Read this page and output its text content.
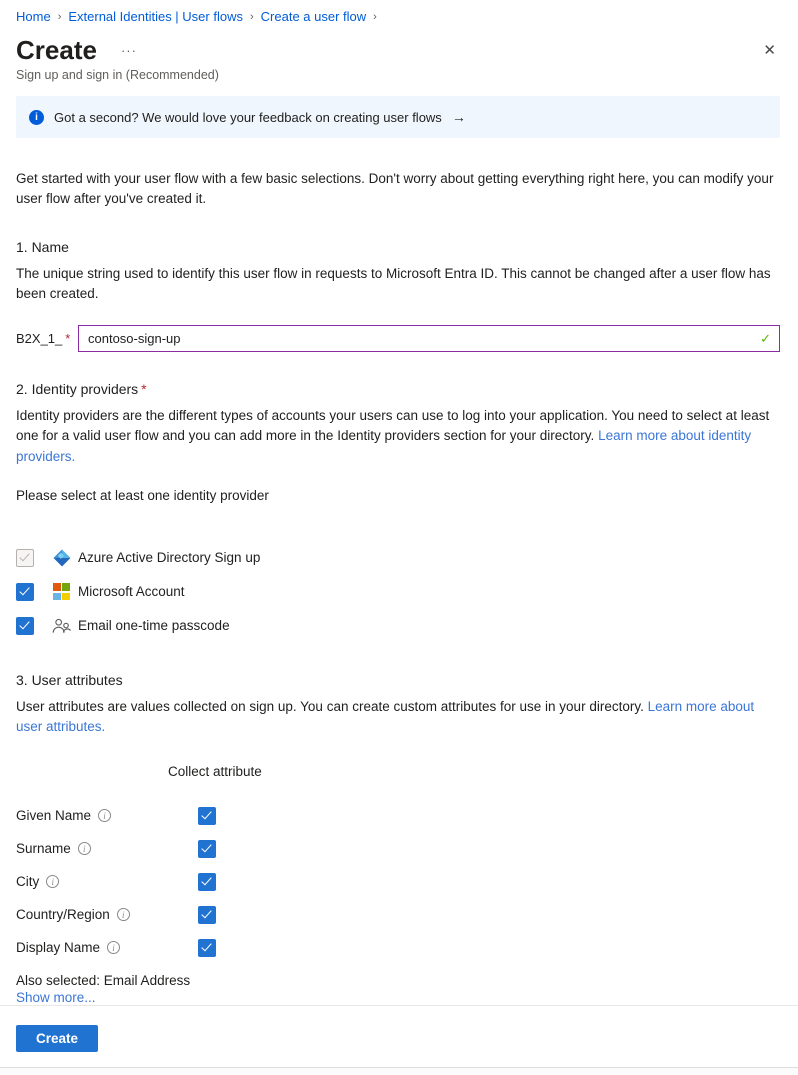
Home › External Identities | User flows › Create a user flow ›
Create ···	✕
Sign up and sign in (Recommended)
i	Got a second? We would love your feedback on creating user flows →

Get started with your user flow with a few basic selections. Don't worry about getting everything right here, you can modify your user flow after you've created it.

1. Name

The unique string used to identify this user flow in requests to Microsoft Entra ID. This cannot be changed after a user flow has been created.

B2X_1_ *
contoso-sign-up	✓
2. Identity providers *

Identity providers are the different types of accounts your users can use to log into your application. You need to select at least one for a valid user flow and you can add more in the Identity providers section for your directory. Learn more about identity providers.

Please select at least one identity provider
Azure Active Directory Sign up
Microsoft Account
Email one-time passcode
3. User attributes

User attributes are values collected on sign up. You can create custom attributes for use in your directory. Learn more about user attributes.

Collect attribute
Given Name	i
Surname	i
City	i
Country/Region	i
Display Name	i
Also selected: Email Address
Show more...
Create
